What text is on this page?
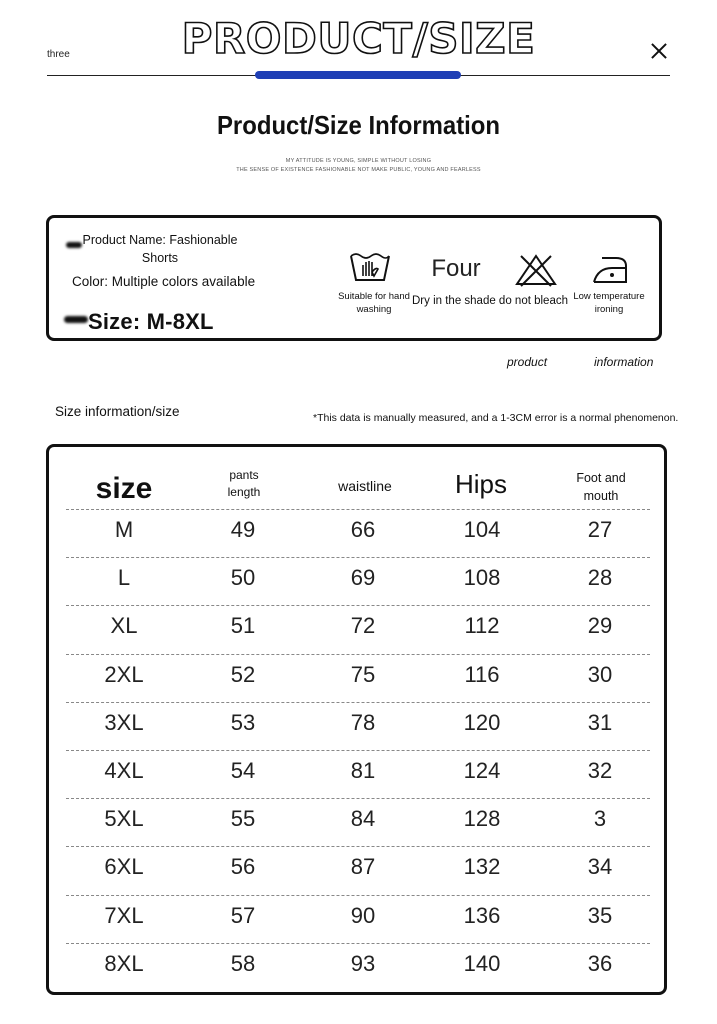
three	PRODUCT/SIZE
Product/Size Information
MY ATTITUDE IS YOUNG, SIMPLE WITHOUT LOSING
THE SENSE OF EXISTENCE FASHIONABLE NOT MAKE PUBLIC, YOUNG AND FEARLESS
Product Name: Fashionable Shorts
Color: Multiple colors available
Size: M-8XL
Suitable for hand washing
Four
Dry in the shade do not bleach Low temperature ironing
product	information
Size information/size	*This data is manually measured, and a 1-3CM error is a normal phenomenon.
size	pants length	waistline	Hips	Foot and mouth
M	49	66	104	27
L	50	69	108	28
XL	51	72	112	29
2XL	52	75	116	30
3XL	53	78	120	31
4XL	54	81	124	32
5XL	55	84	128	3
6XL	56	87	132	34
7XL	57	90	136	35
8XL	58	93	140	36
